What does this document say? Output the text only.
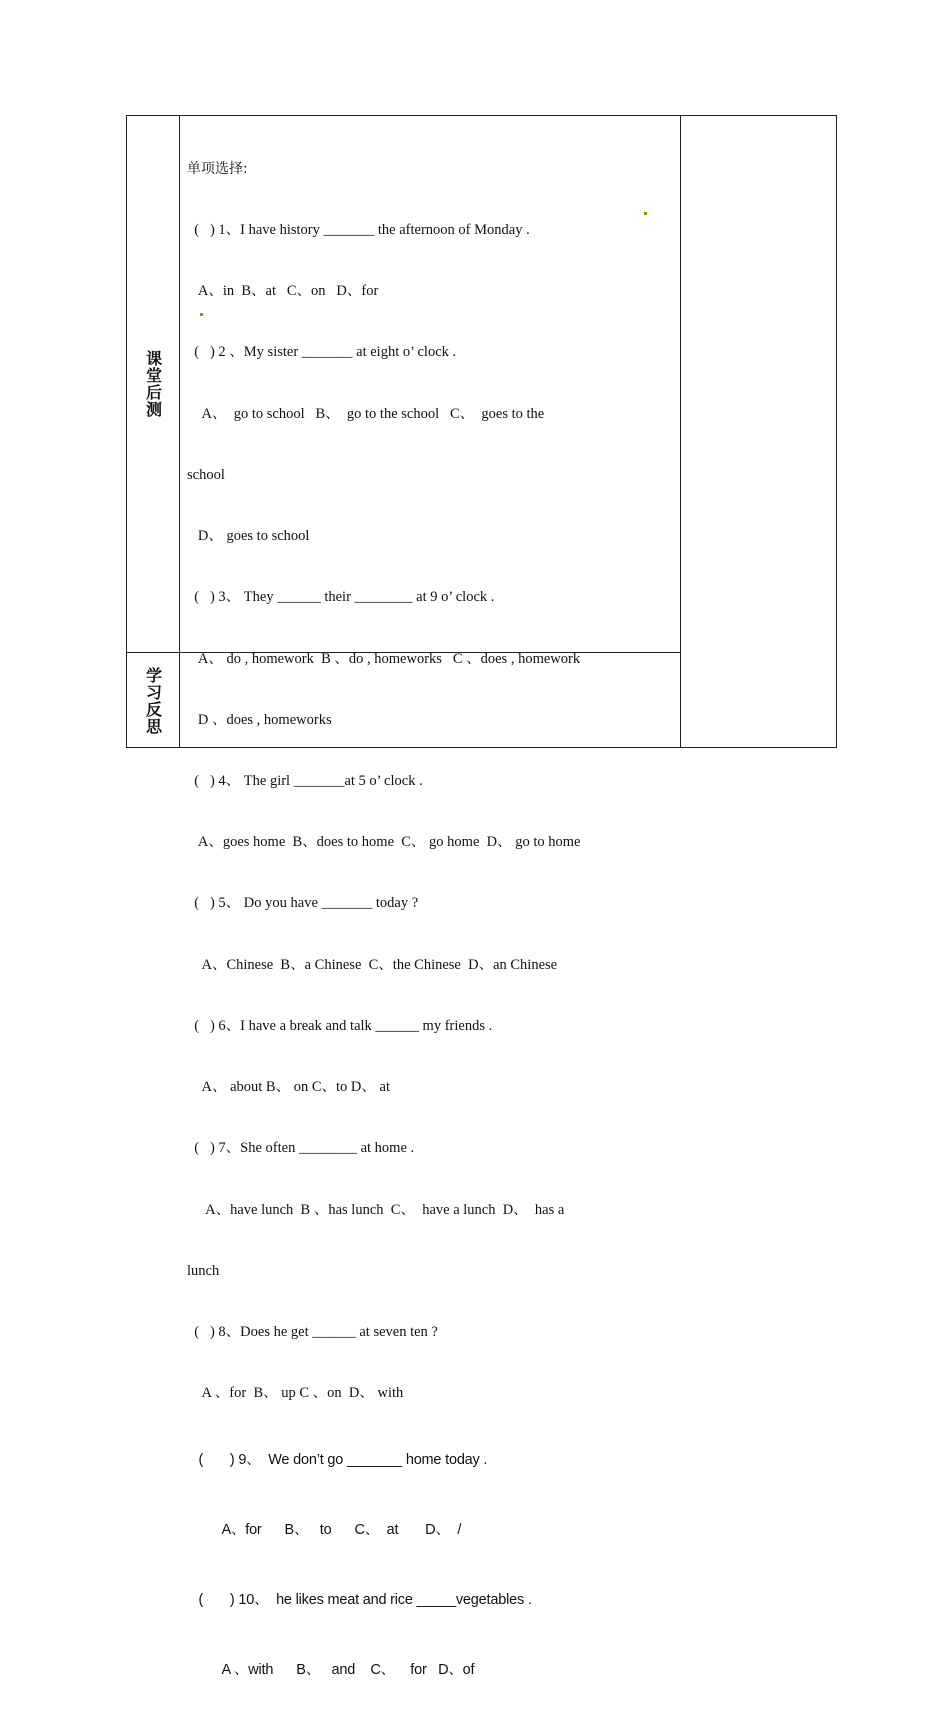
课堂后测
学习反思

单项选择:

(   ) 1、I have history _______ the afternoon of Monday .

A、in  B、at   C、on   D、for

(   ) 2 、My sister _______ at eight o’ clock .

A、  go to school   B、  go to the school   C、  goes to the

school

D、 goes to school

(   ) 3、 They ______ their ________ at 9 o’ clock .

A、 do , homework  B 、do , homeworks   C 、does , homework

D 、does , homeworks

(   ) 4、 The girl _______at 5 o’ clock .

A、goes home  B、does to home  C、 go home  D、 go to home

(   ) 5、 Do you have _______ today ?

A、Chinese  B、a Chinese  C、the Chinese  D、an Chinese

(   ) 6、I have a break and talk ______ my friends .

A、 about B、 on C、to D、 at

(   ) 7、She often ________ at home .

A、have lunch  B 、has lunch  C、  have a lunch  D、  has a

lunch

(   ) 8、Does he get ______ at seven ten ?

A 、for  B、 up C 、on  D、 with

(       ) 9、  We don’t go _______ home today .

A、for      B、   to      C、  at       D、  /

(       ) 10、  he likes meat and rice _____vegetables .

A 、with      B、   and    C、    for   D、of
